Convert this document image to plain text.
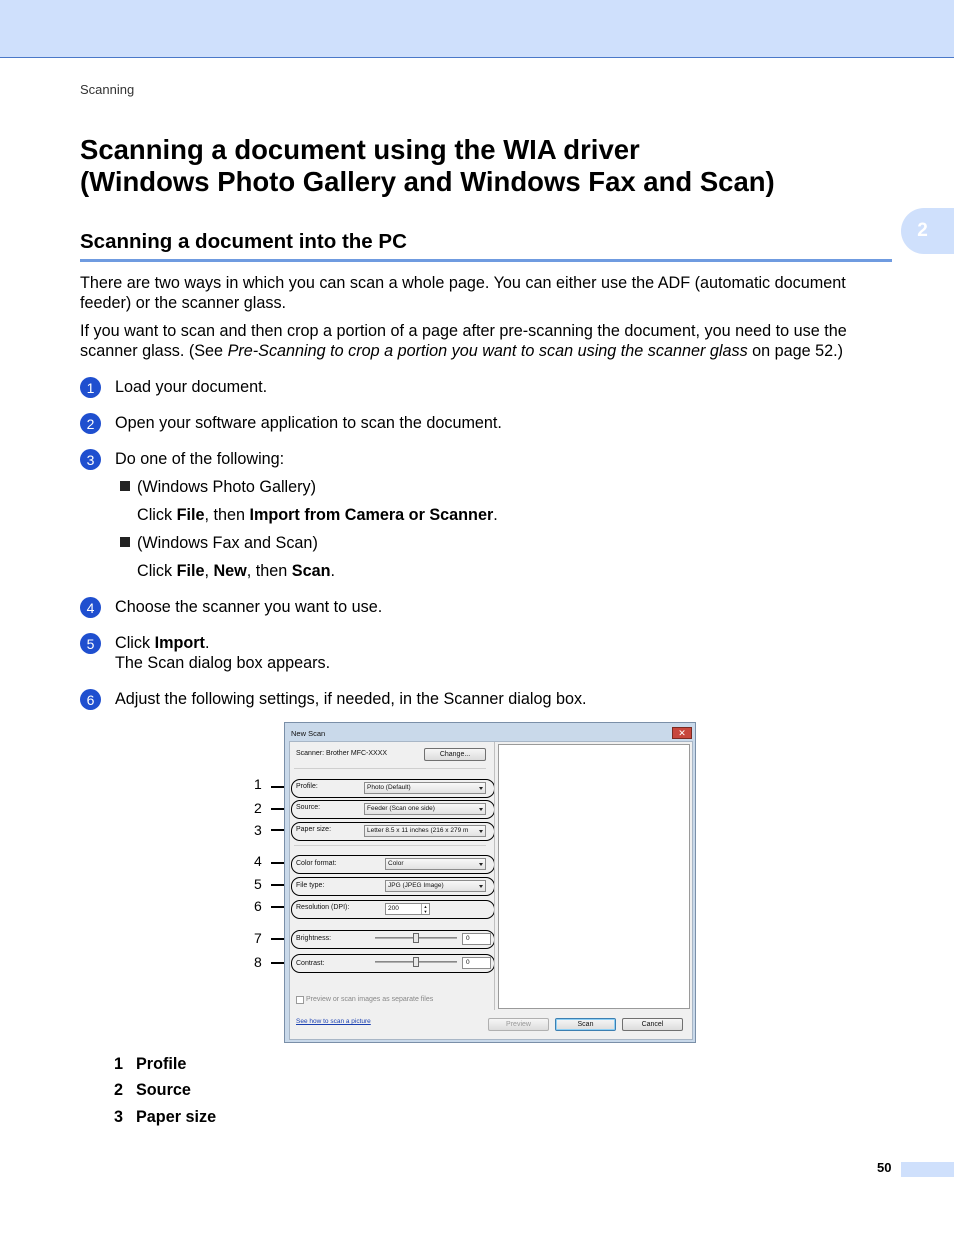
Scanning
2
Scanning a document using the WIA driver
(Windows Photo Gallery and Windows Fax and Scan)
Scanning a document into the PC

There are two ways in which you can scan a whole page. You can either use the ADF (automatic document feeder) or the scanner glass.

If you want to scan and then crop a portion of a page after pre-scanning the document, you need to use the scanner glass. (See Pre-Scanning to crop a portion you want to scan using the scanner glass on page 52.)

1	Load your document.
2	Open your software application to scan the document.
3	Do one of the following:
(Windows Photo Gallery)
Click File, then Import from Camera or Scanner.
(Windows Fax and Scan)
Click File, New, then Scan.
4	Choose the scanner you want to use.
5	Click Import.
The Scan dialog box appears.
6	Adjust the following settings, if needed, in the Scanner dialog box.
1
2
3
4
5
6
7
8
New Scan	✕
Scanner: Brother MFC-XXXX	Change...
Profile:	Photo (Default)
Source:	Feeder (Scan one side)
Paper size:	Letter 8.5 x 11 inches (216 x 279 m
Color format:	Color
File type:	JPG (JPEG Image)
Resolution (DPI):	200	▲
▼
Brightness:	0
Contrast:	0
Preview or scan images as separate files
See how to scan a picture	Preview	Scan	Cancel
1 Profile
2 Source
3 Paper size
50
